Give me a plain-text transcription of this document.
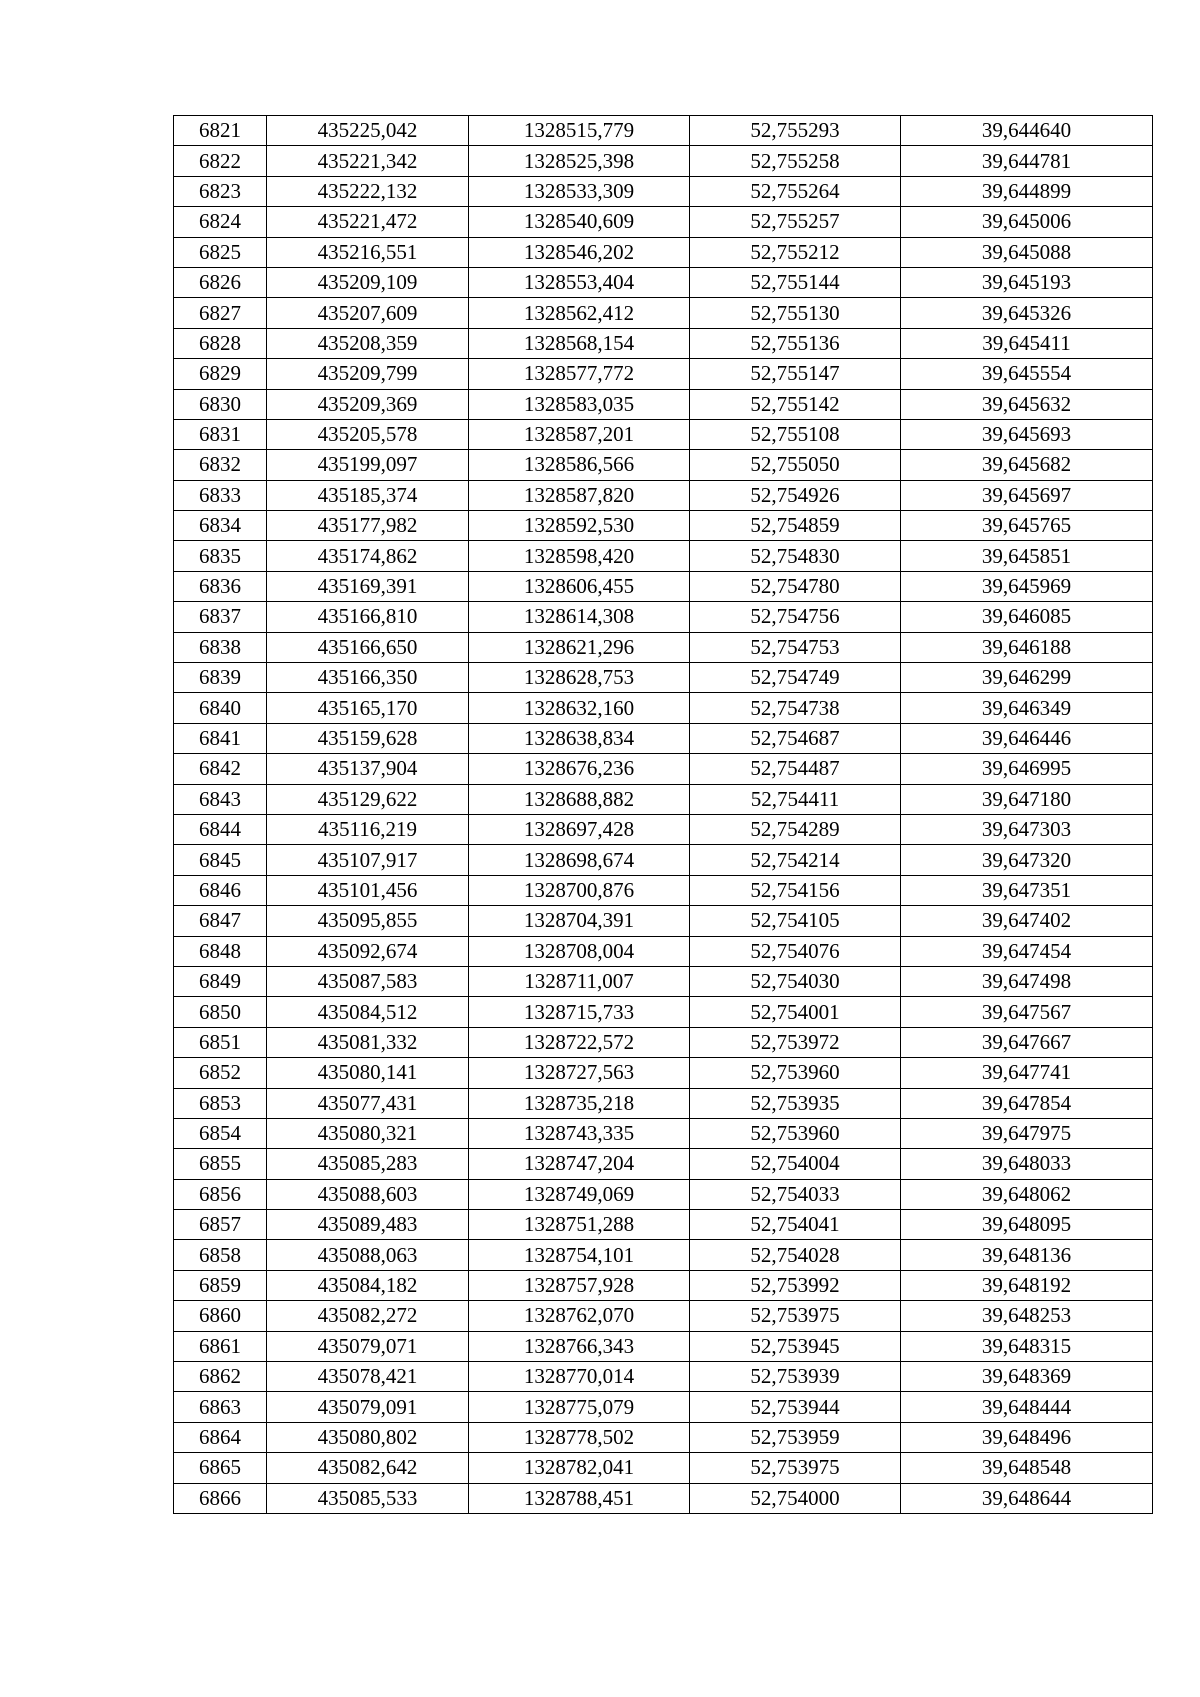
6821	435225,042	1328515,779	52,755293	39,644640
6822	435221,342	1328525,398	52,755258	39,644781
6823	435222,132	1328533,309	52,755264	39,644899
6824	435221,472	1328540,609	52,755257	39,645006
6825	435216,551	1328546,202	52,755212	39,645088
6826	435209,109	1328553,404	52,755144	39,645193
6827	435207,609	1328562,412	52,755130	39,645326
6828	435208,359	1328568,154	52,755136	39,645411
6829	435209,799	1328577,772	52,755147	39,645554
6830	435209,369	1328583,035	52,755142	39,645632
6831	435205,578	1328587,201	52,755108	39,645693
6832	435199,097	1328586,566	52,755050	39,645682
6833	435185,374	1328587,820	52,754926	39,645697
6834	435177,982	1328592,530	52,754859	39,645765
6835	435174,862	1328598,420	52,754830	39,645851
6836	435169,391	1328606,455	52,754780	39,645969
6837	435166,810	1328614,308	52,754756	39,646085
6838	435166,650	1328621,296	52,754753	39,646188
6839	435166,350	1328628,753	52,754749	39,646299
6840	435165,170	1328632,160	52,754738	39,646349
6841	435159,628	1328638,834	52,754687	39,646446
6842	435137,904	1328676,236	52,754487	39,646995
6843	435129,622	1328688,882	52,754411	39,647180
6844	435116,219	1328697,428	52,754289	39,647303
6845	435107,917	1328698,674	52,754214	39,647320
6846	435101,456	1328700,876	52,754156	39,647351
6847	435095,855	1328704,391	52,754105	39,647402
6848	435092,674	1328708,004	52,754076	39,647454
6849	435087,583	1328711,007	52,754030	39,647498
6850	435084,512	1328715,733	52,754001	39,647567
6851	435081,332	1328722,572	52,753972	39,647667
6852	435080,141	1328727,563	52,753960	39,647741
6853	435077,431	1328735,218	52,753935	39,647854
6854	435080,321	1328743,335	52,753960	39,647975
6855	435085,283	1328747,204	52,754004	39,648033
6856	435088,603	1328749,069	52,754033	39,648062
6857	435089,483	1328751,288	52,754041	39,648095
6858	435088,063	1328754,101	52,754028	39,648136
6859	435084,182	1328757,928	52,753992	39,648192
6860	435082,272	1328762,070	52,753975	39,648253
6861	435079,071	1328766,343	52,753945	39,648315
6862	435078,421	1328770,014	52,753939	39,648369
6863	435079,091	1328775,079	52,753944	39,648444
6864	435080,802	1328778,502	52,753959	39,648496
6865	435082,642	1328782,041	52,753975	39,648548
6866	435085,533	1328788,451	52,754000	39,648644
